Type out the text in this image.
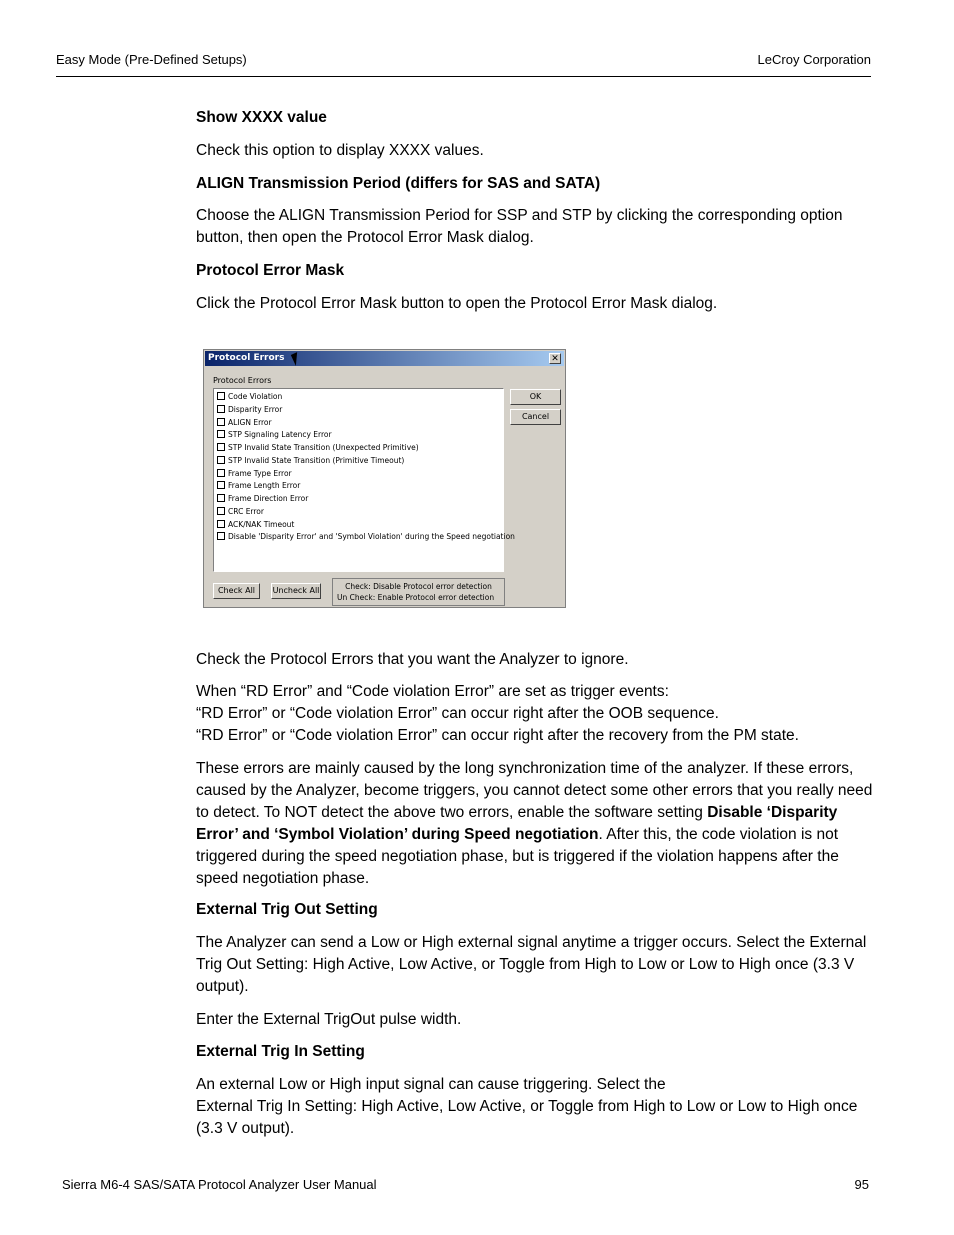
Easy Mode (Pre-Defined Setups)	LeCroy Corporation
Show XXXX value
Check this option to display XXXX values.
ALIGN Transmission Period (differs for SAS and SATA)
Choose the ALIGN Transmission Period for SSP and STP by clicking the corresponding option button, then open the Protocol Error Mask dialog.
Protocol Error Mask
Click the Protocol Error Mask button to open the Protocol Error Mask dialog.
Protocol Errors	✕
Protocol Errors
Code Violation
Disparity Error
ALIGN Error
STP Signaling Latency Error
STP Invalid State Transition (Unexpected Primitive)
STP Invalid State Transition (Primitive Timeout)
Frame Type Error
Frame Length Error
Frame Direction Error
CRC Error
ACK/NAK Timeout
Disable 'Disparity Error' and 'Symbol Violation' during the Speed negotiation
OK
Cancel
Check All	Uncheck All	Check: Disable Protocol error detection
Un Check: Enable Protocol error detection
Check the Protocol Errors that you want the Analyzer to ignore.
When “RD Error” and “Code violation Error” are set as trigger events:
“RD Error” or “Code violation Error” can occur right after the OOB sequence.
“RD Error” or “Code violation Error” can occur right after the recovery from the PM state.
These errors are mainly caused by the long synchronization time of the analyzer. If these errors, caused by the Analyzer, become triggers, you cannot detect some other errors that you really need to detect. To NOT detect the above two errors, enable the software setting Disable ‘Disparity Error’ and ‘Symbol Violation’ during Speed negotiation. After this, the code violation is not triggered during the speed negotiation phase, but is triggered if the violation happens after the speed negotiation phase.
External Trig Out Setting
The Analyzer can send a Low or High external signal anytime a trigger occurs. Select the External Trig Out Setting: High Active, Low Active, or Toggle from High to Low or Low to High once (3.3 V output).
Enter the External TrigOut pulse width.
External Trig In Setting
An external Low or High input signal can cause triggering. Select the
External Trig In Setting: High Active, Low Active, or Toggle from High to Low or Low to High once (3.3 V output).
Sierra M6-4 SAS/SATA Protocol Analyzer User Manual	95
